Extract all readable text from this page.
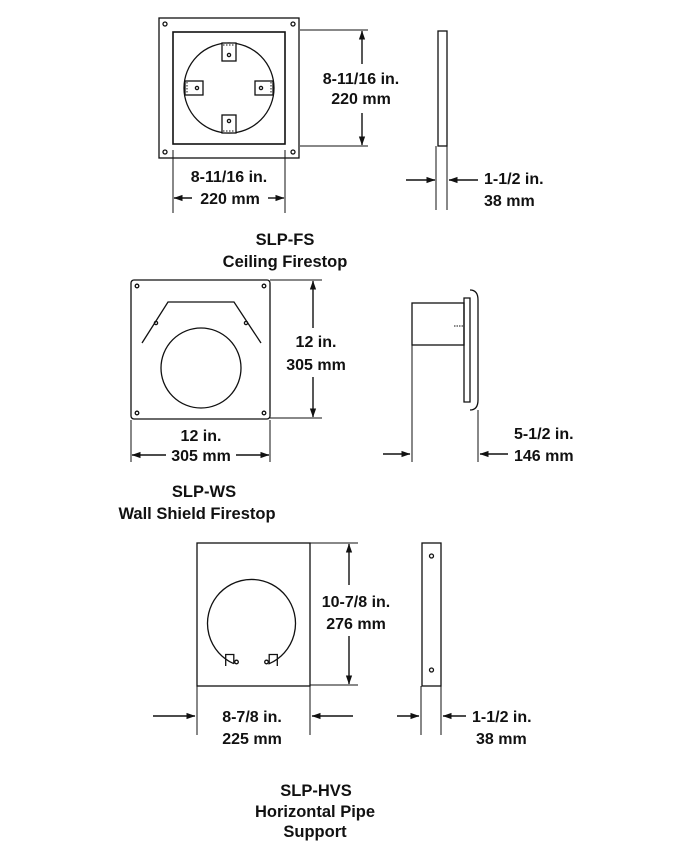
8-11/16 in.
220 mm
8-11/16 in.
220 mm
1-1/2 in.
38 mm
SLP-FS
Ceiling Firestop
12 in.
305 mm
12 in.
305 mm
5-1/2 in.
146 mm
SLP-WS
Wall Shield Firestop
10-7/8 in.
276 mm
8-7/8 in.
225 mm
1-1/2 in.
38 mm
SLP-HVS
Horizontal Pipe
Support
